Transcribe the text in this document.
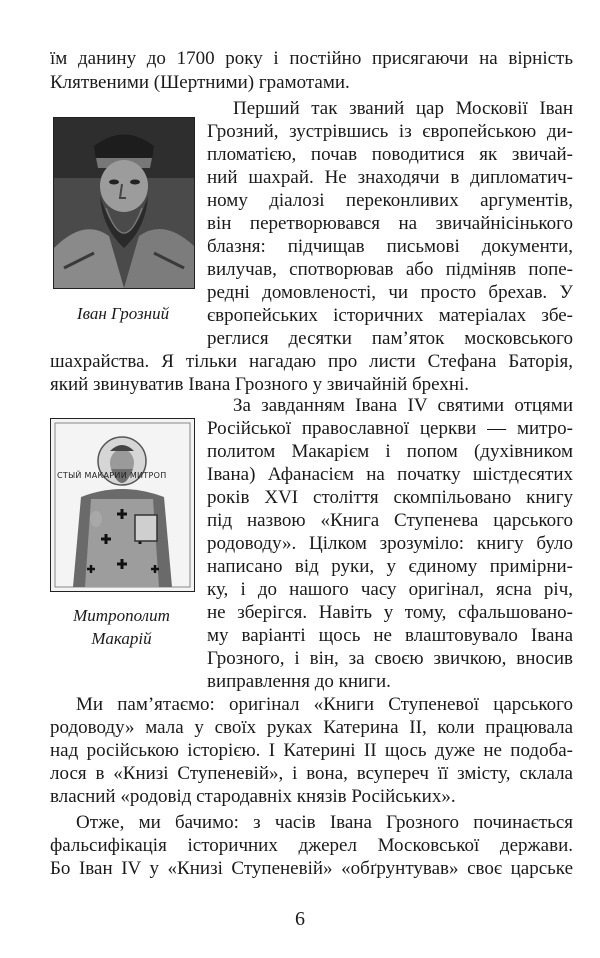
їм данину до 1700 року і постійно присягаючи на вірність
Клятвеними (Шертними) грамотами.
Іван Грозний
Перший так званий цар Московії Іван
Грозний, зустрівшись із європейською ди-
пломатією, почав поводитися як звичай-
ний шахрай. Не знаходячи в дипломатич-
ному діалозі переконливих аргументів,
він перетворювався на звичайнісінького
блазня: підчищав письмові документи,
вилучав, спотворював або підміняв попе-
редні домовленості, чи просто брехав. У
європейських історичних матеріалах збе-
реглися десятки пам’яток московського
шахрайства. Я тільки нагадаю про листи Стефана Баторія,
який звинуватив Івана Грозного у звичайній брехні.
СТЫЙ МАКАРИИ МИТРОП
Митрополит
Макарій
За завданням Івана IV святими отцями
Російської православної церкви — митро-
политом Макарієм і попом (духівником
Івана) Афанасієм на початку шістдесятих
років XVI століття скомпільовано книгу
під назвою «Книга Ступенева царського
родоводу». Цілком зрозуміло: книгу було
написано від руки, у єдиному примірни-
ку, і до нашого часу оригінал, ясна річ,
не зберігся. Навіть у тому, сфальшовано-
му варіанті щось не влаштовувало Івана
Грозного, і він, за своєю звичкою, вносив
виправлення до книги.
Ми пам’ятаємо: оригінал «Книги Ступеневої царського
родоводу» мала у своїх руках Катерина II, коли працювала
над російською історією. І Катерині II щось дуже не подоба-
лося в «Книзі Ступеневій», і вона, всупереч її змісту, склала
власний «родовід стародавніх князів Російських».
Отже, ми бачимо: з часів Івана Грозного починається
фальсифікація історичних джерел Московської держави.
Бо Іван IV у «Книзі Ступеневій» «обґрунтував» своє царське
6
